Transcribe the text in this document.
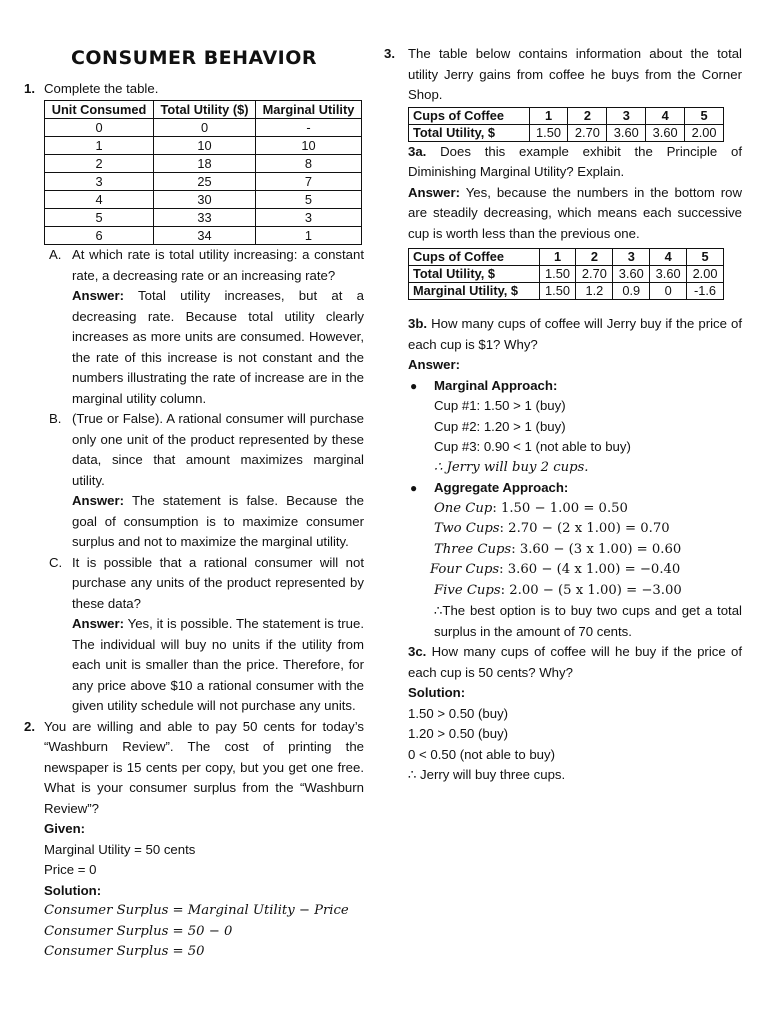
CONSUMER BEHAVIOR
1. Complete the table.

Unit Consumed	Total Utility ($)	Marginal Utility
0	0	-
1	10	10
2	18	8
3	25	7
4	30	5
5	33	3
6	34	1
A. At which rate is total utility increasing: a constant rate, a decreasing rate or an increasing rate?
Answer: Total utility increases, but at a decreasing rate. Because total utility clearly increases as more units are consumed. However, the rate of this increase is not constant and the numbers illustrating the rate of increase are in the marginal utility column.
B. (True or False). A rational consumer will purchase only one unit of the product represented by these data, since that amount maximizes marginal utility.
Answer: The statement is false. Because the goal of consumption is to maximize consumer surplus and not to maximize the marginal utility.
C. It is possible that a rational consumer will not purchase any units of the product represented by these data?
Answer: Yes, it is possible. The statement is true. The individual will buy no units if the utility from each unit is smaller than the price. Therefore, for any price above $10 a rational consumer with the given utility schedule will not purchase any units.
2. You are willing and able to pay 50 cents for today’s “Washburn Review”. The cost of printing the newspaper is 15 cents per copy, but you get one free. What is your consumer surplus from the “Washburn Review”?

Given:
Marginal Utility = 50 cents
Price = 0
Solution:
Consumer Surplus = Marginal Utility − Price
Consumer Surplus = 50 − 0
Consumer Surplus = 50
3. The table below contains information about the total utility Jerry gains from coffee he buys from the Corner Shop.

Cups of Coffee	1	2	3	4	5
Total Utility, $	1.50	2.70	3.60	3.60	2.00

3a. Does this example exhibit the Principle of Diminishing Marginal Utility? Explain.

Answer: Yes, because the numbers in the bottom row are steadily decreasing, which means each successive cup is worth less than the previous one.

Cups of Coffee	1	2	3	4	5
Total Utility, $	1.50	2.70	3.60	3.60	2.00
Marginal Utility, $	1.50	1.2	0.9	0	-1.6

3b. How many cups of coffee will Jerry buy if the price of each cup is $1? Why?

Answer:
● Marginal Approach:
Cup #1: 1.50 > 1 (buy)
Cup #2: 1.20 > 1 (buy)
Cup #3: 0.90 < 1 (not able to buy)
∴ Jerry will buy 2 cups.
● Aggregate Approach:
One Cup: 1.50 − 1.00 = 0.50
Two Cups: 2.70 − (2 x 1.00) = 0.70
Three Cups: 3.60 − (3 x 1.00) = 0.60
Four Cups: 3.60 − (4 x 1.00) = −0.40
Five Cups: 2.00 − (5 x 1.00) = −3.00

∴The best option is to buy two cups and get a total surplus in the amount of 70 cents.

3c. How many cups of coffee will he buy if the price of each cup is 50 cents? Why?

Solution:
1.50 > 0.50 (buy)
1.20 > 0.50 (buy)
0 < 0.50 (not able to buy)
∴ Jerry will buy three cups.
